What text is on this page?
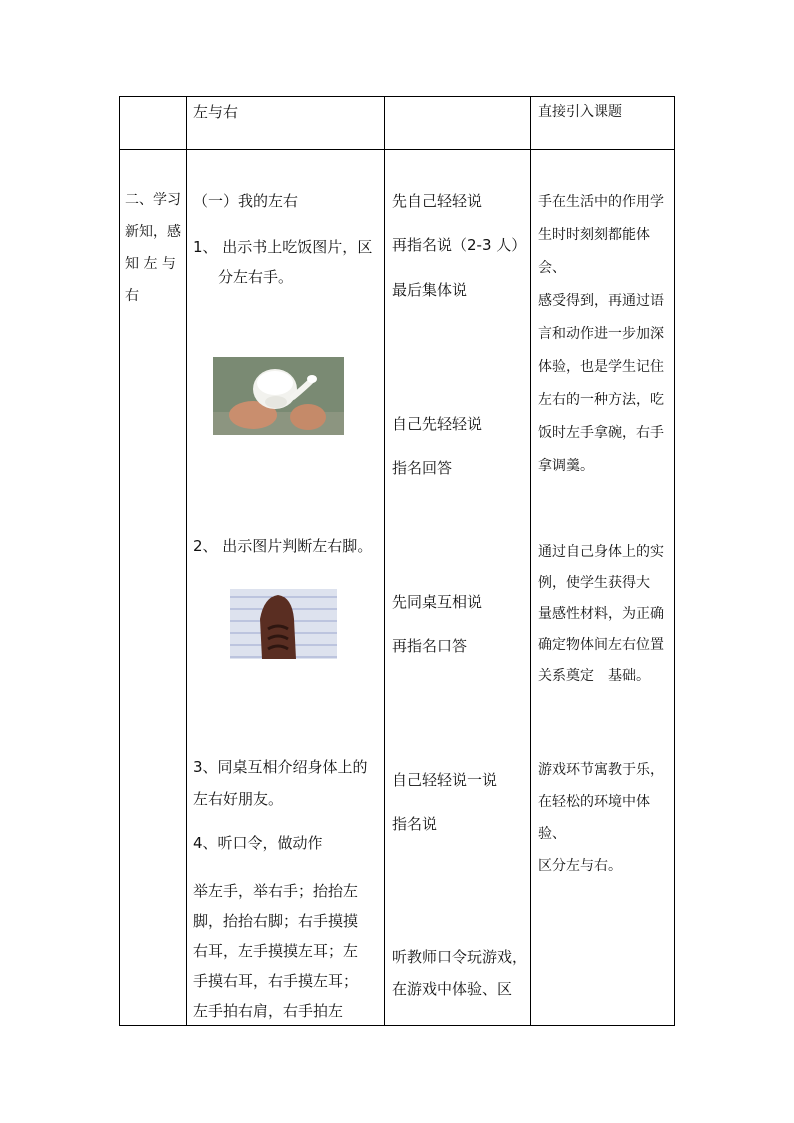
左与右	直接引入课题
二、学习
新知，感
知 左 与
右
（一）我的左右
1、 出示书上吃饭图片，区
分左右手。
2、 出示图片判断左右脚。
3、同桌互相介绍身体上的
左右好朋友。
4、听口令，做动作
举左手，举右手；抬抬左
脚，抬抬右脚；右手摸摸
右耳，左手摸摸左耳；左
手摸右耳，右手摸左耳；
左手拍右肩，右手拍左
先自己轻轻说
再指名说（2-3 人）
最后集体说
自己先轻轻说
指名回答
先同桌互相说
再指名口答
自己轻轻说一说
指名说
听教师口令玩游戏，
在游戏中体验、区
手在生活中的作用学
生时时刻刻都能体会、
感受得到，再通过语
言和动作进一步加深
体验，也是学生记住
左右的一种方法，吃
饭时左手拿碗，右手
拿调羹。
通过自己身体上的实
例，使学生获得大
量感性材料，为正确
确定物体间左右位置
关系奠定　基础。
游戏环节寓教于乐，
在轻松的环境中体验、
区分左与右。
